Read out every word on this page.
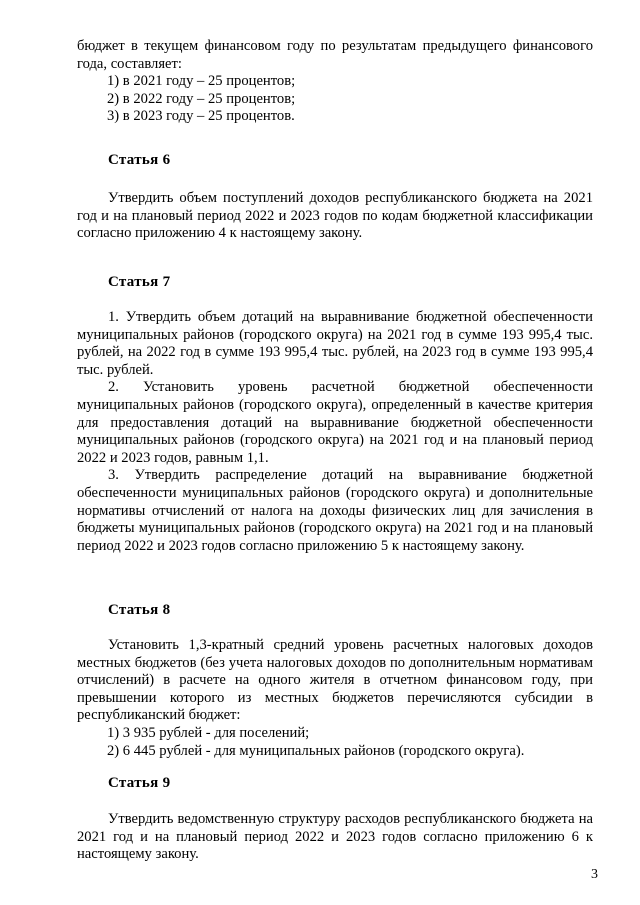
бюджет в текущем финансовом году по результатам предыдущего финансового года, составляет:

1) в 2021 году – 25 процентов;

2) в 2022 году – 25 процентов;

3) в 2023 году – 25 процентов.

Статья 6

Утвердить объем поступлений доходов республиканского бюджета на 2021 год и на плановый период 2022 и 2023 годов по кодам бюджетной классификации согласно приложению 4 к настоящему закону.

Статья 7

1. Утвердить объем дотаций на выравнивание бюджетной обеспеченности муниципальных районов (городского округа) на 2021 год в сумме 193 995,4 тыс. рублей, на 2022 год в сумме 193 995,4 тыс. рублей, на 2023 год в сумме 193 995,4 тыс. рублей.

2. Установить уровень расчетной бюджетной обеспеченности муниципальных районов (городского округа), определенный в качестве критерия для предоставления дотаций на выравнивание бюджетной обеспеченности муниципальных районов (городского округа) на 2021 год и на плановый период 2022 и 2023 годов, равным 1,1.

3. Утвердить распределение дотаций на выравнивание бюджетной обеспеченности муниципальных районов (городского округа) и дополнительные нормативы отчислений от налога на доходы физических лиц для зачисления в бюджеты муниципальных районов (городского округа) на 2021 год и на плановый период 2022 и 2023 годов согласно приложению 5 к настоящему закону.

Статья 8

Установить 1,3-кратный средний уровень расчетных налоговых доходов местных бюджетов (без учета налоговых доходов по дополнительным нормативам отчислений) в расчете на одного жителя в отчетном финансовом году, при превышении которого из местных бюджетов перечисляются субсидии в республиканский бюджет:

1) 3 935 рублей - для поселений;

2) 6 445 рублей - для муниципальных районов (городского округа).

Статья 9

Утвердить ведомственную структуру расходов республиканского бюджета на 2021 год и на плановый период 2022 и 2023 годов согласно приложению 6 к настоящему закону.

3
